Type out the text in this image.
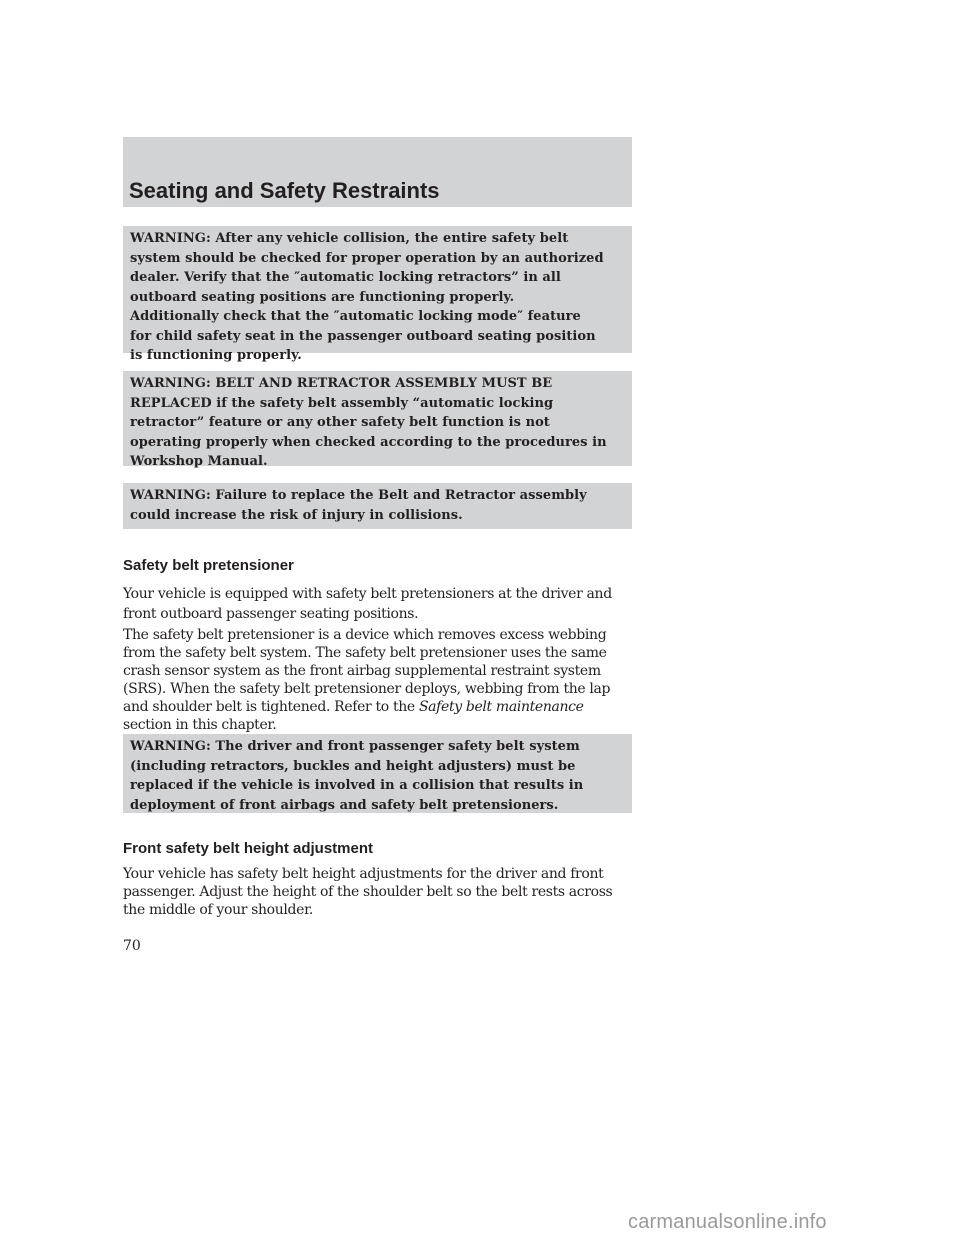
Seating and Safety Restraints

WARNING: After any vehicle collision, the entire safety belt

system should be checked for proper operation by an authorized

dealer. Verify that the ″automatic locking retractors” in all

outboard seating positions are functioning properly.

Additionally check that the ″automatic locking mode″ feature

for child safety seat in the passenger outboard seating position

is functioning properly.

WARNING: BELT AND RETRACTOR ASSEMBLY MUST BE

REPLACED if the safety belt assembly “automatic locking

retractor” feature or any other safety belt function is not

operating properly when checked according to the procedures in

Workshop Manual.

WARNING: Failure to replace the Belt and Retractor assembly

could increase the risk of injury in collisions.

Safety belt pretensioner
Your vehicle is equipped with safety belt pretensioners at the driver and
front outboard passenger seating positions.
The safety belt pretensioner is a device which removes excess webbing
from the safety belt system. The safety belt pretensioner uses the same
crash sensor system as the front airbag supplemental restraint system
(SRS). When the safety belt pretensioner deploys, webbing from the lap
and shoulder belt is tightened. Refer to the Safety belt maintenance
section in this chapter.

WARNING: The driver and front passenger safety belt system

(including retractors, buckles and height adjusters) must be

replaced if the vehicle is involved in a collision that results in

deployment of front airbags and safety belt pretensioners.

Front safety belt height adjustment
Your vehicle has safety belt height adjustments for the driver and front
passenger. Adjust the height of the shoulder belt so the belt rests across
the middle of your shoulder.

70

carmanualsonline.info
